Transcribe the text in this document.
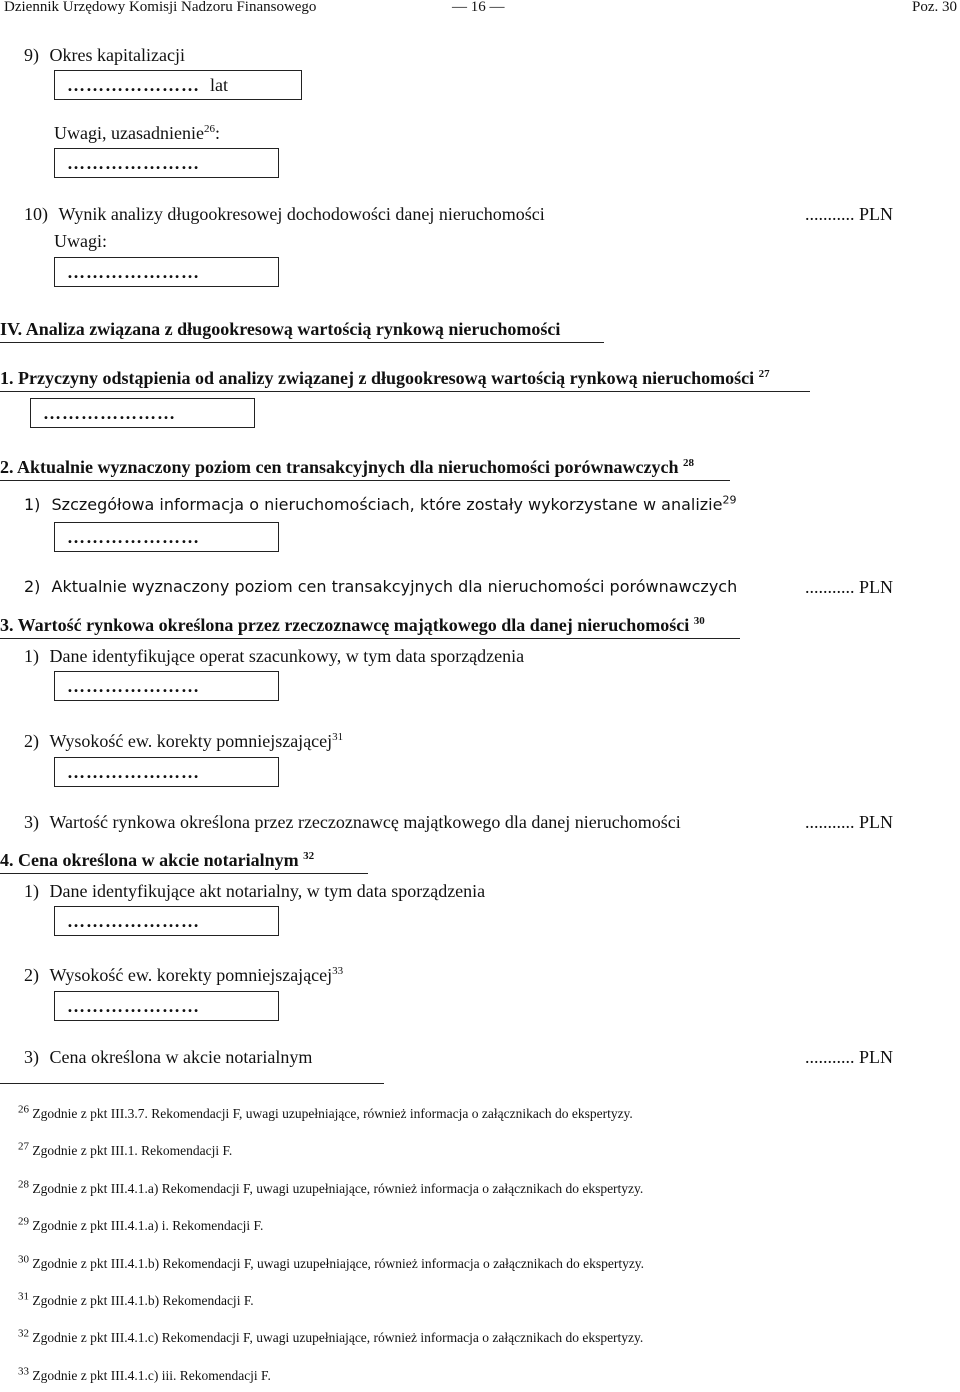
Dziennik Urzędowy Komisji Nadzoru Finansowego	— 16 —	Poz. 30
9) Okres kapitalizacji
………………… lat
Uwagi, uzasadnienie$^{26}$:
…………………
10) Wynik analizy długookresowej dochodowości danej nieruchomości	........... PLN
Uwagi:
…………………
IV. Analiza związana z długookresową wartością rynkową nieruchomości
1. Przyczyny odstąpienia od analizy związanej z długookresową wartością rynkową nieruchomości $^{27}$
…………………
2. Aktualnie wyznaczony poziom cen transakcyjnych dla nieruchomości porównawczych $^{28}$
1) Szczegółowa informacja o nieruchomościach, które zostały wykorzystane w analizie$^{29}$
…………………
2) Aktualnie wyznaczony poziom cen transakcyjnych dla nieruchomości porównawczych	........... PLN
3. Wartość rynkowa określona przez rzeczoznawcę majątkowego dla danej nieruchomości $^{30}$
1) Dane identyfikujące operat szacunkowy, w tym data sporządzenia
…………………
2) Wysokość ew. korekty pomniejszającej$^{31}$
…………………
3) Wartość rynkowa określona przez rzeczoznawcę majątkowego dla danej nieruchomości	........... PLN
4. Cena określona w akcie notarialnym $^{32}$
1) Dane identyfikujące akt notarialny, w tym data sporządzenia
…………………
2) Wysokość ew. korekty pomniejszającej$^{33}$
…………………
3) Cena określona w akcie notarialnym	........... PLN
$^{26}$ Zgodnie z pkt III.3.7. Rekomendacji F, uwagi uzupełniające, również informacja o załącznikach do ekspertyzy.
$^{27}$ Zgodnie z pkt III.1. Rekomendacji F.
$^{28}$ Zgodnie z pkt III.4.1.a) Rekomendacji F, uwagi uzupełniające, również informacja o załącznikach do ekspertyzy.
$^{29}$ Zgodnie z pkt III.4.1.a) i. Rekomendacji F.
$^{30}$ Zgodnie z pkt III.4.1.b) Rekomendacji F, uwagi uzupełniające, również informacja o załącznikach do ekspertyzy.
$^{31}$ Zgodnie z pkt III.4.1.b) Rekomendacji F.
$^{32}$ Zgodnie z pkt III.4.1.c) Rekomendacji F, uwagi uzupełniające, również informacja o załącznikach do ekspertyzy.
$^{33}$ Zgodnie z pkt III.4.1.c) iii. Rekomendacji F.
